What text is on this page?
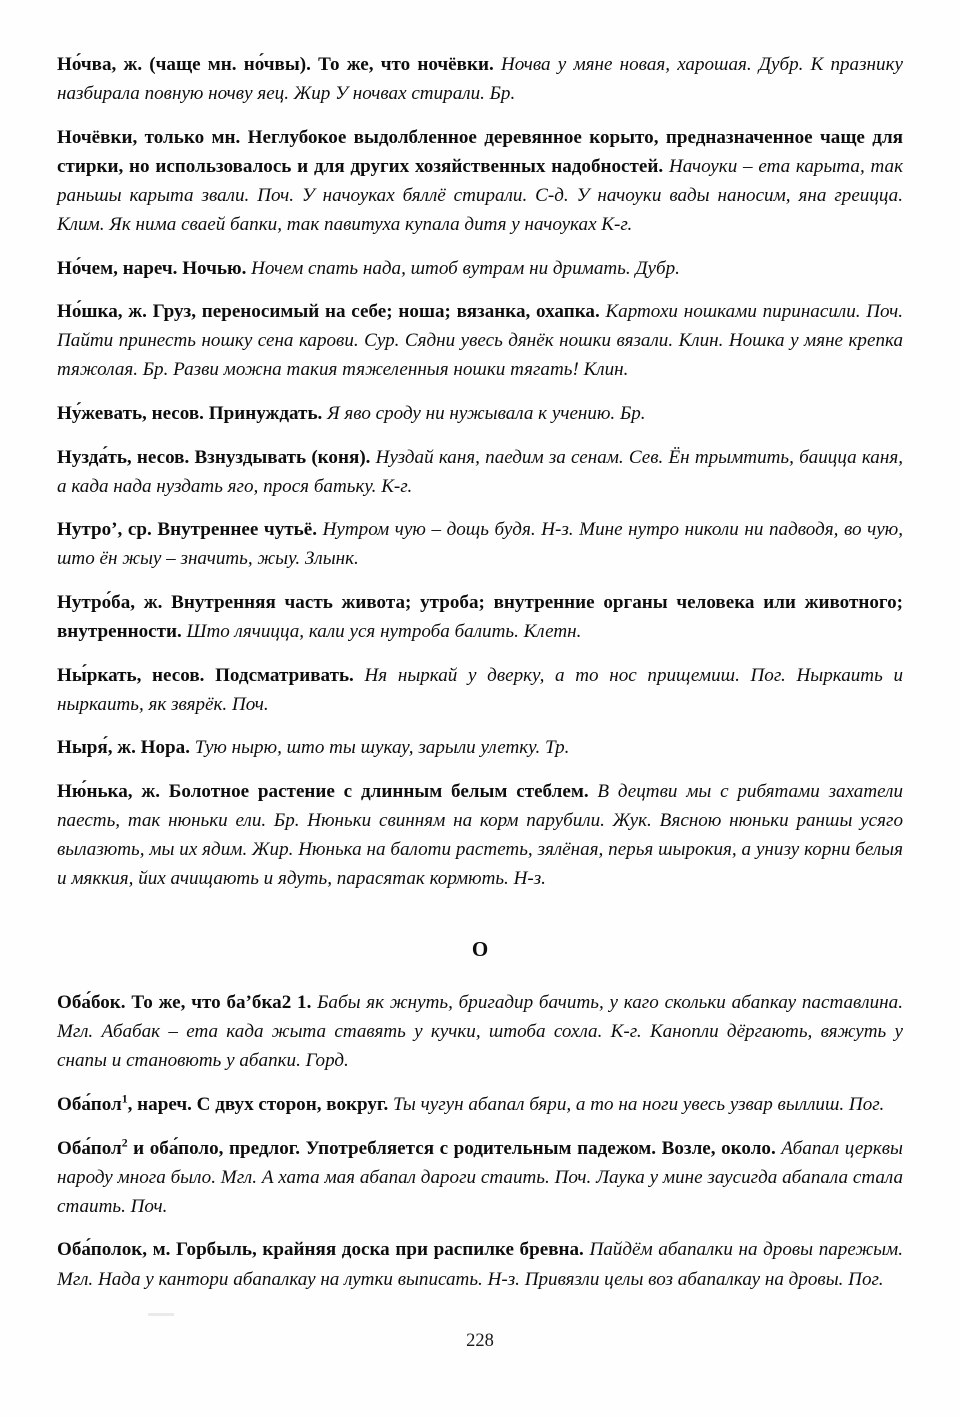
Но́чва, ж. (чаще мн. но́чвы). То же, что ночёвки. Ночва у мяне новая, харошая. Дубр. К празнику назбирала повную ночву яец. Жир У ночвах стирали. Бр.

Ночёвки, только мн. Неглубокое выдолбленное деревянное корыто, предназначенное чаще для стирки, но использовалось и для других хозяйственных надобностей. Начоуки – ета карыта, так раньшы карыта звали. Поч. У начоуках бяллё стирали. С-д. У начоуки вады наносим, яна греицца. Клим. Як нима сваей бапки, так павитуха купала дитя у начоуках К-г.

Но́чем, нареч. Ночью. Ночем спать нада, штоб вутрам ни дримать. Дубр.

Но́шка, ж. Груз, переносимый на себе; ноша; вязанка, охапка. Картохи ношками пиринасили. Поч. Пайти принесть ношку сена карови. Сур. Сядни увесь дянёк ношки вязали. Клин. Ношка у мяне крепка тяжолая. Бр. Разви можна такия тяжеленныя ношки тягать! Клин.

Ну́жевать, несов. Принуждать. Я яво сроду ни нужывала к учению. Бр.

Нузда́ть, несов. Взнуздывать (коня). Нуздай каня, паедим за сенам. Сев. Ён трымтить, баицца каня, а када нада нуздать яго, прося батьку. К-г.

Нутро’, ср. Внутреннее чутьё. Нутром чую – дощь будя. Н-з. Мине нутро николи ни падводя, во чую, што ён жыу – значить, жыу. Злынк.

Нутро́ба, ж. Внутренняя часть живота; утроба; внутренние органы человека или животного; внутренности. Што лячицца, кали уся нутроба балить. Клетн.

Ны́ркать, несов. Подсматривать. Ня ныркай у дверку, а то нос прищемиш. Пог. Ныркаить и ныркаить, як звярёк. Поч.

Ныря́, ж. Нора. Тую нырю, што ты шукау, зарыли улетку. Тр.

Ню́нька, ж. Болотное растение с длинным белым стеблем. В децтви мы с рибятами захатели паесть, так нюньки ели. Бр. Нюньки свинням на корм парубили. Жук. Вясною нюньки раншы усяго вылазють, мы их ядим. Жир. Нюнька на балоти растеть, зялёная, перья шырокия, а унизу корни белыя и мяккия, йих ачищають и ядуть, парасятак кормють. Н-з.

О

Оба́бок. То же, что ба’бка2 1. Бабы як жнуть, бригадир бачить, у каго скольки абапкау паставлина. Мгл. Абабак – ета када жыта ставять у кучки, штоба сохла. К-г. Канопли дёргають, вяжуть у снапы и становють у абапки. Горд.

Оба́пол$^1$, нареч. С двух сторон, вокруг. Ты чугун абапал бяри, а то на ноги увесь узвар выллиш. Пог.

Оба́пол$^2$ и оба́поло, предлог. Употребляется с родительным падежом. Возле, около. Абапал церквы народу многа было. Мгл. А хата мая абапал дароги стаить. Поч. Лаука у мине заусигда абапала стала стаить. Поч.

Оба́полок, м. Горбыль, крайняя доска при распилке бревна. Пайдём абапалки на дровы парежым. Мгл. Нада у кантори абапалкау на лутки выписать. Н-з. Привязли целы воз абапалкау на дровы. Пог.

228
